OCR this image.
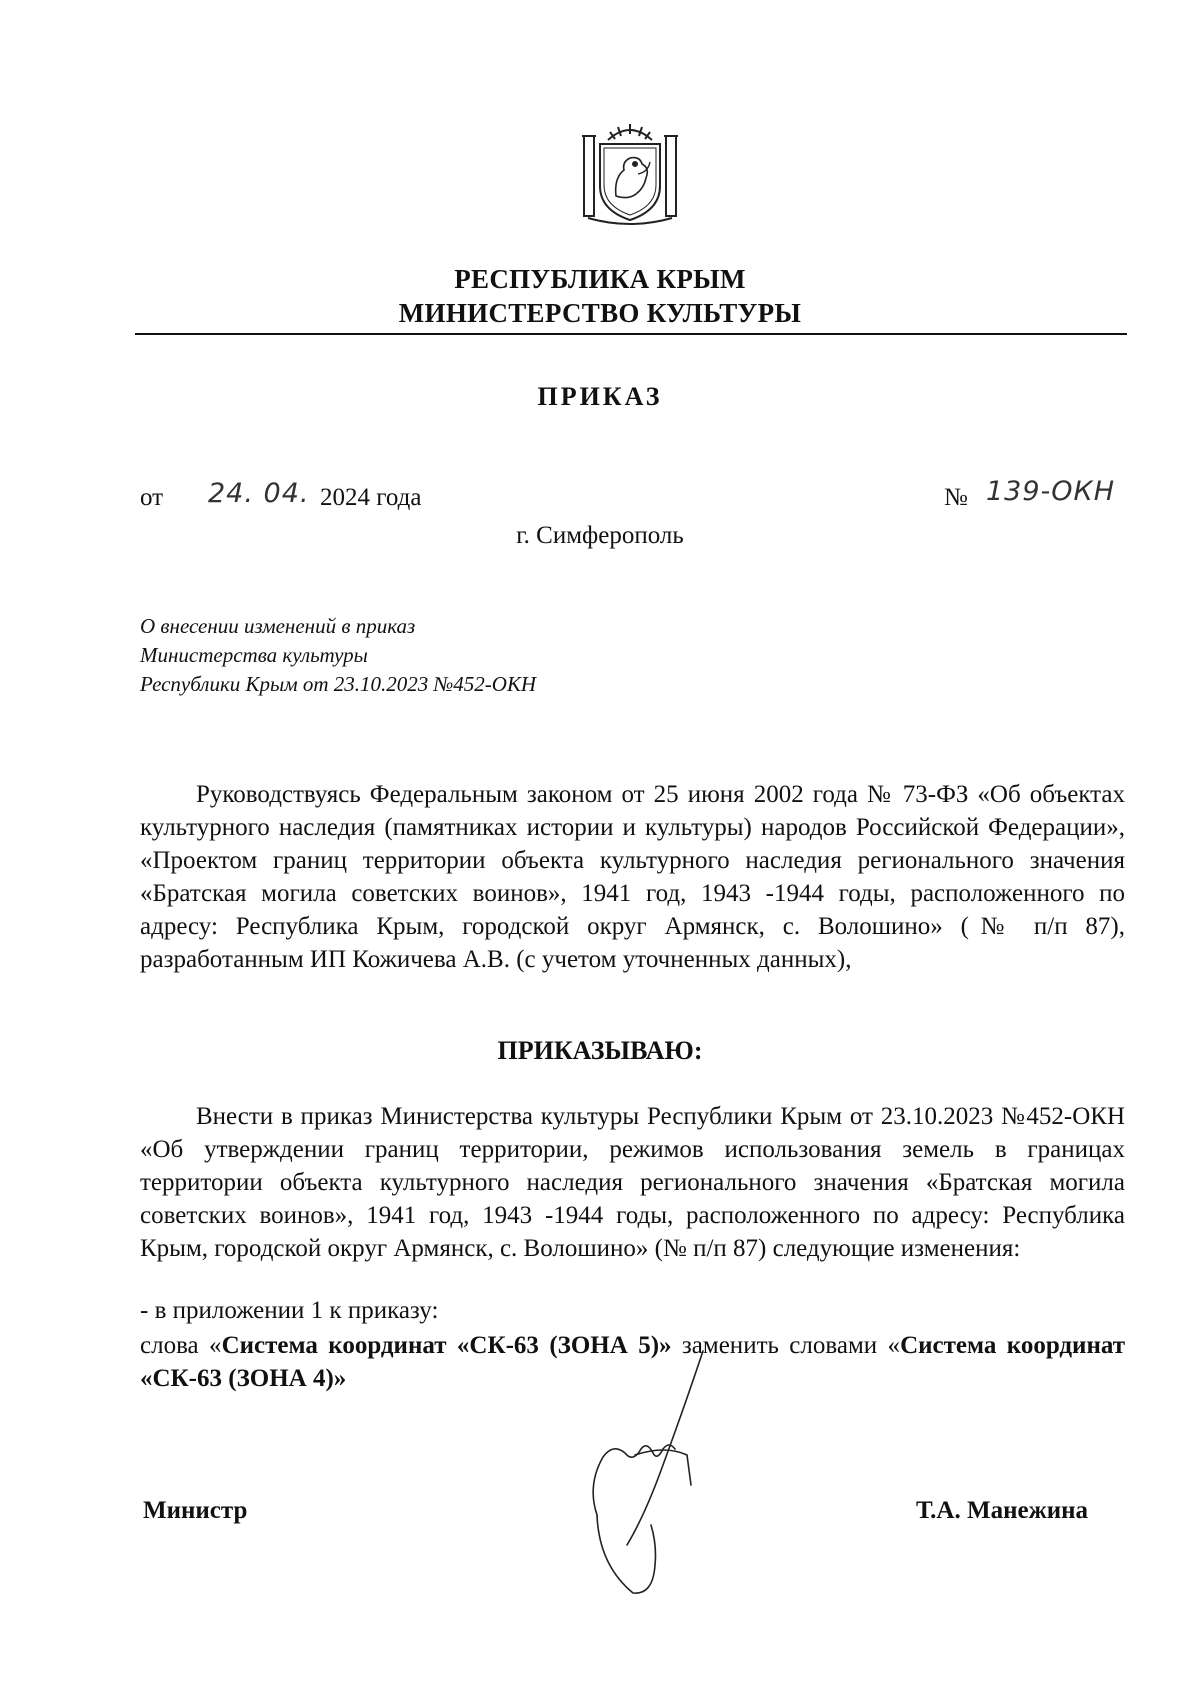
РЕСПУБЛИКА КРЫМ
МИНИСТЕРСТВО КУЛЬТУРЫ
ПРИКАЗ
от 24. 04. 2024 года	№ 139-ОКН
г. Симферополь
О внесении изменений в приказ
Министерства культуры
Республики Крым от 23.10.2023 №452-ОКН

Руководствуясь Федеральным законом от 25 июня 2002 года № 73-ФЗ «Об объектах культурного наследия (памятниках истории и культуры) народов Российской Федерации», «Проектом границ территории объекта культурного наследия регионального значения «Братская могила советских воинов», 1941 год, 1943 -1944 годы, расположенного по адресу: Республика Крым, городской округ Армянск, с. Волошино» (№ п/п 87), разработанным ИП Кожичева А.В. (с учетом уточненных данных),

ПРИКАЗЫВАЮ:

Внести в приказ Министерства культуры Республики Крым от 23.10.2023 №452-ОКН «Об утверждении границ территории, режимов использования земель в границах территории объекта культурного наследия регионального значения «Братская могила советских воинов», 1941 год, 1943 -1944 годы, расположенного по адресу: Республика Крым, городской округ Армянск, с. Волошино» (№ п/п 87) следующие изменения:

- в приложении 1 к приказу:

слова «Система координат «СК-63 (ЗОНА 5)» заменить словами «Система координат «СК-63 (ЗОНА 4)»

Министр	Т.А. Манежина
